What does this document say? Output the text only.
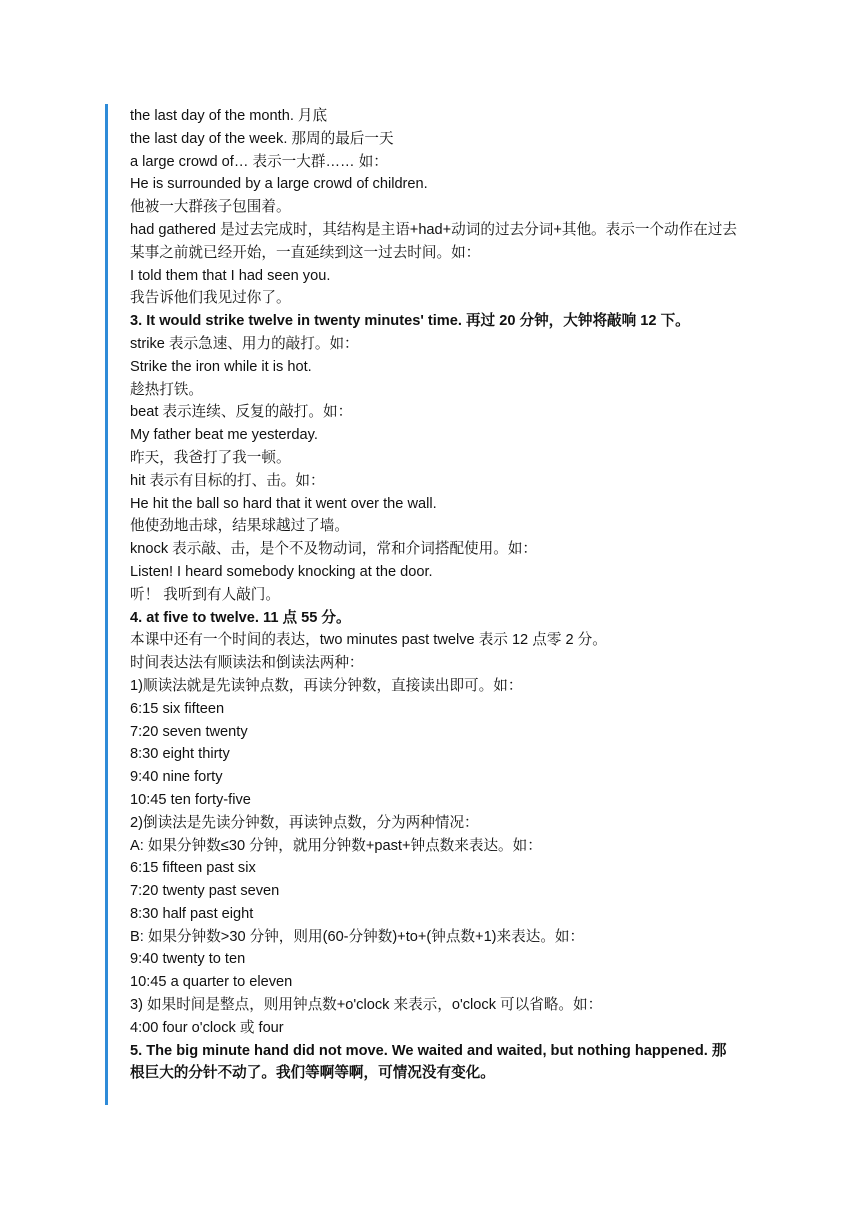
the last day of the month. 月底
the last day of the week. 那周的最后一天
a large crowd of… 表示一大群…… 如：
He is surrounded by a large crowd of children.
他被一大群孩子包围着。
had gathered 是过去完成时，其结构是主语+had+动词的过去分词+其他。表示一个动作在过去某事之前就已经开始，一直延续到这一过去时间。如：
I told them that I had seen you.
我告诉他们我见过你了。
3. It would strike twelve in twenty minutes' time. 再过 20 分钟，大钟将敲响 12 下。
strike 表示急速、用力的敲打。如：
Strike the iron while it is hot.
趁热打铁。
beat 表示连续、反复的敲打。如：
My father beat me yesterday.
昨天，我爸打了我一顿。
hit 表示有目标的打、击。如：
He hit the ball so hard that it went over the wall.
他使劲地击球，结果球越过了墙。
knock 表示敲、击，是个不及物动词，常和介词搭配使用。如：
Listen! I heard somebody knocking at the door.
听！ 我听到有人敲门。
4. at five to twelve. 11 点 55 分。
本课中还有一个时间的表达，two minutes past twelve 表示 12 点零 2 分。
时间表达法有顺读法和倒读法两种：
1)顺读法就是先读钟点数，再读分钟数，直接读出即可。如：
6:15 six fifteen
7:20 seven twenty
8:30 eight thirty
9:40 nine forty
10:45 ten forty-five
2)倒读法是先读分钟数，再读钟点数，分为两种情况：
A: 如果分钟数≤30 分钟，就用分钟数+past+钟点数来表达。如：
6:15 fifteen past six
7:20 twenty past seven
8:30 half past eight
B: 如果分钟数>30 分钟，则用(60-分钟数)+to+(钟点数+1)来表达。如：
9:40 twenty to ten
10:45 a quarter to eleven
3) 如果时间是整点，则用钟点数+o'clock 来表示，o'clock 可以省略。如：
4:00 four o'clock 或 four
5. The big minute hand did not move. We waited and waited, but nothing happened. 那根巨大的分针不动了。我们等啊等啊，可情况没有变化。
